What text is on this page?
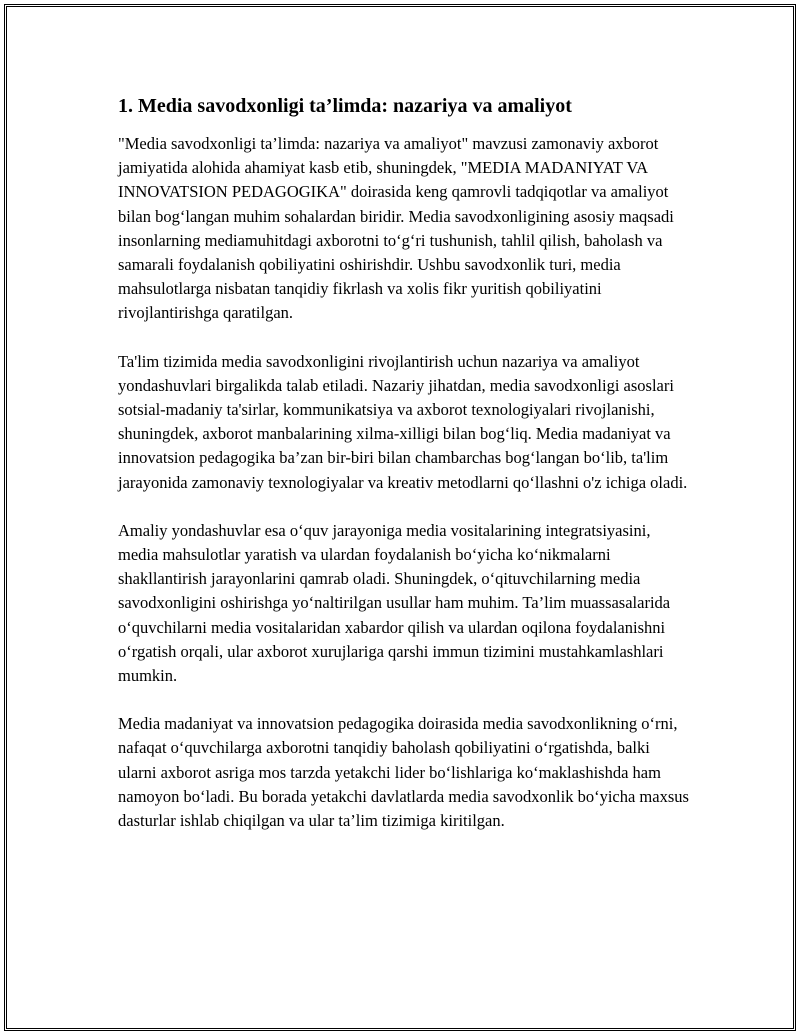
1. Media savodxonligi ta’limda: nazariya va amaliyot

"Media savodxonligi ta’limda: nazariya va amaliyot" mavzusi zamonaviy axborot jamiyatida alohida ahamiyat kasb etib, shuningdek, "MEDIA MADANIYAT VA INNOVATSION PEDAGOGIKA" doirasida keng qamrovli tadqiqotlar va amaliyot bilan bog‘langan muhim sohalardan biridir. Media savodxonligining asosiy maqsadi insonlarning mediamuhitdagi axborotni to‘g‘ri tushunish, tahlil qilish, baholash va samarali foydalanish qobiliyatini oshirishdir. Ushbu savodxonlik turi, media mahsulotlarga nisbatan tanqidiy fikrlash va xolis fikr yuritish qobiliyatini rivojlantirishga qaratilgan.

Ta'lim tizimida media savodxonligini rivojlantirish uchun nazariya va amaliyot yondashuvlari birgalikda talab etiladi. Nazariy jihatdan, media savodxonligi asoslari sotsial-madaniy ta'sirlar, kommunikatsiya va axborot texnologiyalari rivojlanishi, shuningdek, axborot manbalarining xilma-xilligi bilan bog‘liq. Media madaniyat va innovatsion pedagogika ba’zan bir-biri bilan chambarchas bog‘langan bo‘lib, ta'lim jarayonida zamonaviy texnologiyalar va kreativ metodlarni qo‘llashni o'z ichiga oladi.

Amaliy yondashuvlar esa o‘quv jarayoniga media vositalarining integratsiyasini, media mahsulotlar yaratish va ulardan foydalanish bo‘yicha ko‘nikmalarni shakllantirish jarayonlarini qamrab oladi. Shuningdek, o‘qituvchilarning media savodxonligini oshirishga yo‘naltirilgan usullar ham muhim. Ta’lim muassasalarida o‘quvchilarni media vositalaridan xabardor qilish va ulardan oqilona foydalanishni o‘rgatish orqali, ular axborot xurujlariga qarshi immun tizimini mustahkamlashlari mumkin.

Media madaniyat va innovatsion pedagogika doirasida media savodxonlikning o‘rni, nafaqat o‘quvchilarga axborotni tanqidiy baholash qobiliyatini o‘rgatishda, balki ularni axborot asriga mos tarzda yetakchi lider bo‘lishlariga ko‘maklashishda ham namoyon bo‘ladi. Bu borada yetakchi davlatlarda media savodxonlik bo‘yicha maxsus dasturlar ishlab chiqilgan va ular ta’lim tizimiga kiritilgan.
